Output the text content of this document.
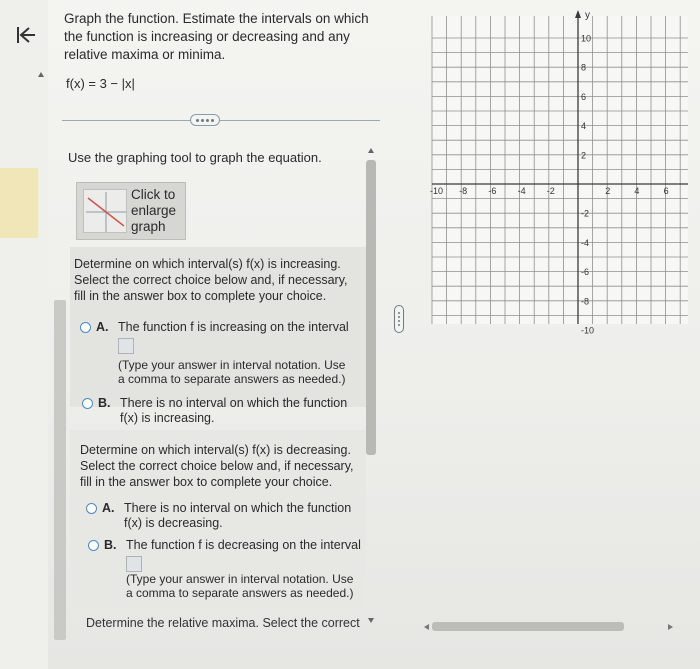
Graph the function. Estimate the intervals on which the function is increasing or decreasing and any relative maxima or minima.
f(x) = 3 − |x|
Use the graphing tool to graph the equation.
Click to
enlarge
graph
Determine on which interval(s) f(x) is increasing.
Select the correct choice below and, if necessary,
fill in the answer box to complete your choice.
A. The function f is increasing on the interval
(Type your answer in interval notation. Use
a comma to separate answers as needed.)
B. There is no interval on which the function
f(x) is increasing.
Determine on which interval(s) f(x) is decreasing.
Select the correct choice below and, if necessary,
fill in the answer box to complete your choice.
A. There is no interval on which the function
f(x) is decreasing.
B. The function f is decreasing on the interval
(Type your answer in interval notation. Use
a comma to separate answers as needed.)
Determine the relative maxima. Select the correct
y
10
8
6
4
2
-2
-4
-6
-8
-10
-10 -8 -6 -4 -2	2	4	6
